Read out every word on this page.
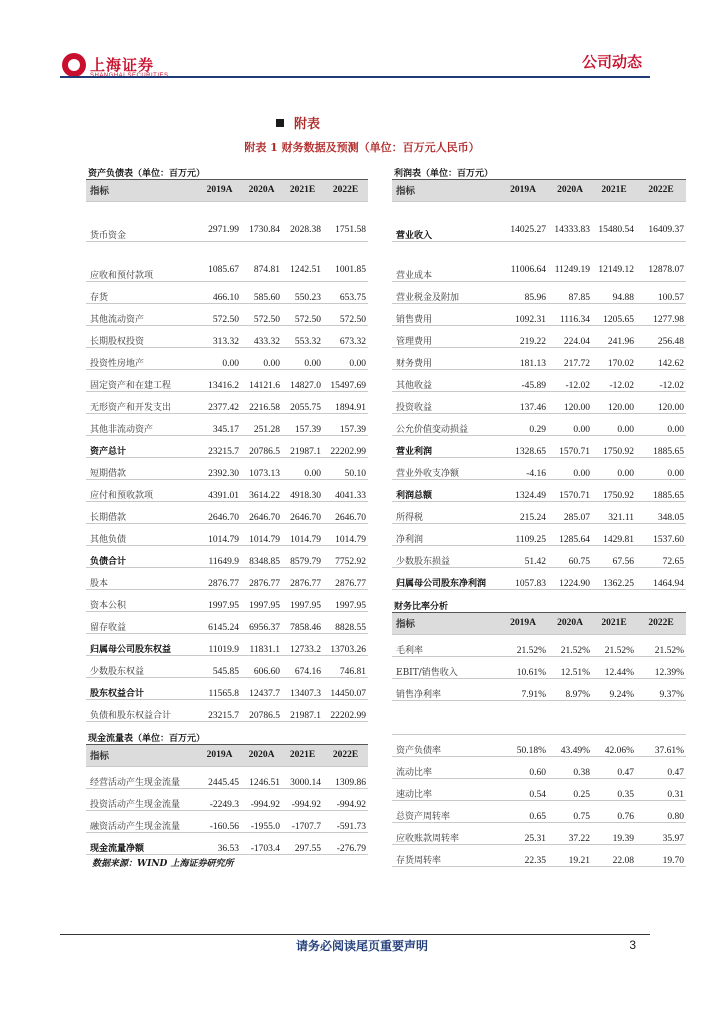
上海证券	公司动态
附表
附表 1 财务数据及预测（单位：百万元人民币）
资产负债表（单位：百万元）				
指标	2019A	2020A	2021E	2022E
货币资金	2971.99	1730.84	2028.38	1751.58
应收和预付款项	1085.67	874.81	1242.51	1001.85
存货	466.10	585.60	550.23	653.75
其他流动资产	572.50	572.50	572.50	572.50
长期股权投资	313.32	433.32	553.32	673.32
投资性房地产	0.00	0.00	0.00	0.00
固定资产和在建工程	13416.2	14121.6	14827.0	15497.69
无形资产和开发支出	2377.42	2216.58	2055.75	1894.91
其他非流动资产	345.17	251.28	157.39	157.39
资产总计	23215.7	20786.5	21987.1	22202.99
短期借款	2392.30	1073.13	0.00	50.10
应付和预收款项	4391.01	3614.22	4918.30	4041.33
长期借款	2646.70	2646.70	2646.70	2646.70
其他负债	1014.79	1014.79	1014.79	1014.79
负债合计	11649.9	8348.85	8579.79	7752.92
股本	2876.77	2876.77	2876.77	2876.77
资本公积	1997.95	1997.95	1997.95	1997.95
留存收益	6145.24	6956.37	7858.46	8828.55
归属母公司股东权益	11019.9	11831.1	12733.2	13703.26
少数股东权益	545.85	606.60	674.16	746.81
股东权益合计	11565.8	12437.7	13407.3	14450.07
负债和股东权益合计	23215.7	20786.5	21987.1	22202.99
现金流量表（单位：百万元）				
指标	2019A	2020A	2021E	2022E
经营活动产生现金流量	2445.45	1246.51	3000.14	1309.86
投资活动产生现金流量	-2249.3	-994.92	-994.92	-994.92
融资活动产生现金流量	-160.56	-1955.0	-1707.7	-591.73
现金流量净额	36.53	-1703.4	297.55	-276.79
利润表（单位：百万元）				
指标	2019A	2020A	2021E	2022E
营业收入	14025.27	14333.83	15480.54	16409.37
营业成本	11006.64	11249.19	12149.12	12878.07
营业税金及附加	85.96	87.85	94.88	100.57
销售费用	1092.31	1116.34	1205.65	1277.98
管理费用	219.22	224.04	241.96	256.48
财务费用	181.13	217.72	170.02	142.62
其他收益	-45.89	-12.02	-12.02	-12.02
投资收益	137.46	120.00	120.00	120.00
公允价值变动损益	0.29	0.00	0.00	0.00
营业利润	1328.65	1570.71	1750.92	1885.65
营业外收支净额	-4.16	0.00	0.00	0.00
利润总额	1324.49	1570.71	1750.92	1885.65
所得税	215.24	285.07	321.11	348.05
净利润	1109.25	1285.64	1429.81	1537.60
少数股东损益	51.42	60.75	67.56	72.65
归属母公司股东净利润	1057.83	1224.90	1362.25	1464.94
财务比率分析				
指标	2019A	2020A	2021E	2022E
毛利率	21.52%	21.52%	21.52%	21.52%
EBIT/销售收入	10.61%	12.51%	12.44%	12.39%
销售净利率	7.91%	8.97%	9.24%	9.37%

资产负债率	50.18%	43.49%	42.06%	37.61%
流动比率	0.60	0.38	0.47	0.47
速动比率	0.54	0.25	0.35	0.31
总资产周转率	0.65	0.75	0.76	0.80
应收账款周转率	25.31	37.22	19.39	35.97
存货周转率	22.35	19.21	22.08	19.70
数据来源：WIND 上海证券研究所
请务必阅读尾页重要声明	3
